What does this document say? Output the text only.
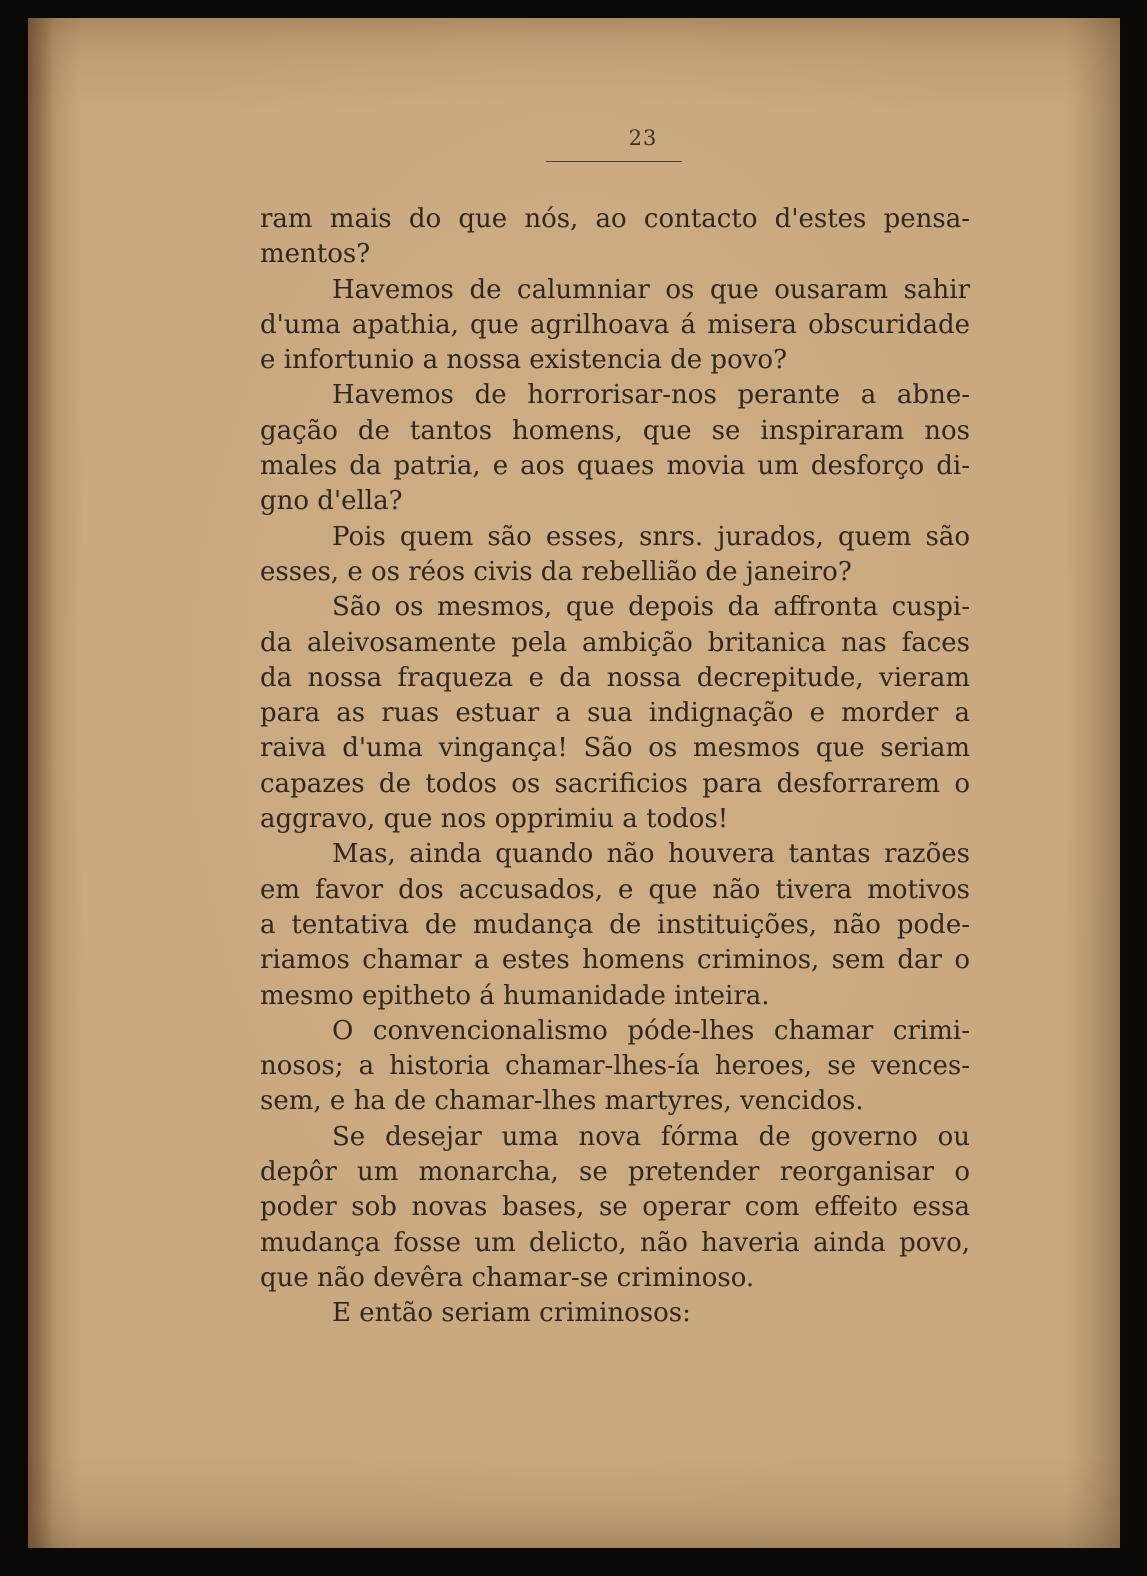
23
ram mais do que nós, ao contacto d'estes pensa-
mentos?
Havemos de calumniar os que ousaram sahir
d'uma apathia, que agrilhoava á misera obscuridade
e infortunio a nossa existencia de povo?
Havemos de horrorisar-nos perante a abne-
gação de tantos homens, que se inspiraram nos
males da patria, e aos quaes movia um desforço di-
gno d'ella?
Pois quem são esses, snrs. jurados, quem são
esses, e os réos civis da rebellião de janeiro?
São os mesmos, que depois da affronta cuspi-
da aleivosamente pela ambição britanica nas faces
da nossa fraqueza e da nossa decrepitude, vieram
para as ruas estuar a sua indignação e morder a
raiva d'uma vingança! São os mesmos que seriam
capazes de todos os sacrificios para desforrarem o
aggravo, que nos opprimiu a todos!
Mas, ainda quando não houvera tantas razões
em favor dos accusados, e que não tivera motivos
a tentativa de mudança de instituições, não pode-
riamos chamar a estes homens criminos, sem dar o
mesmo epitheto á humanidade inteira.
O convencionalismo póde-lhes chamar crimi-
nosos; a historia chamar-lhes-ía heroes, se vences-
sem, e ha de chamar-lhes martyres, vencidos.
Se desejar uma nova fórma de governo ou
depôr um monarcha, se pretender reorganisar o
poder sob novas bases, se operar com effeito essa
mudança fosse um delicto, não haveria ainda povo,
que não devêra chamar-se criminoso.
E então seriam criminosos:
